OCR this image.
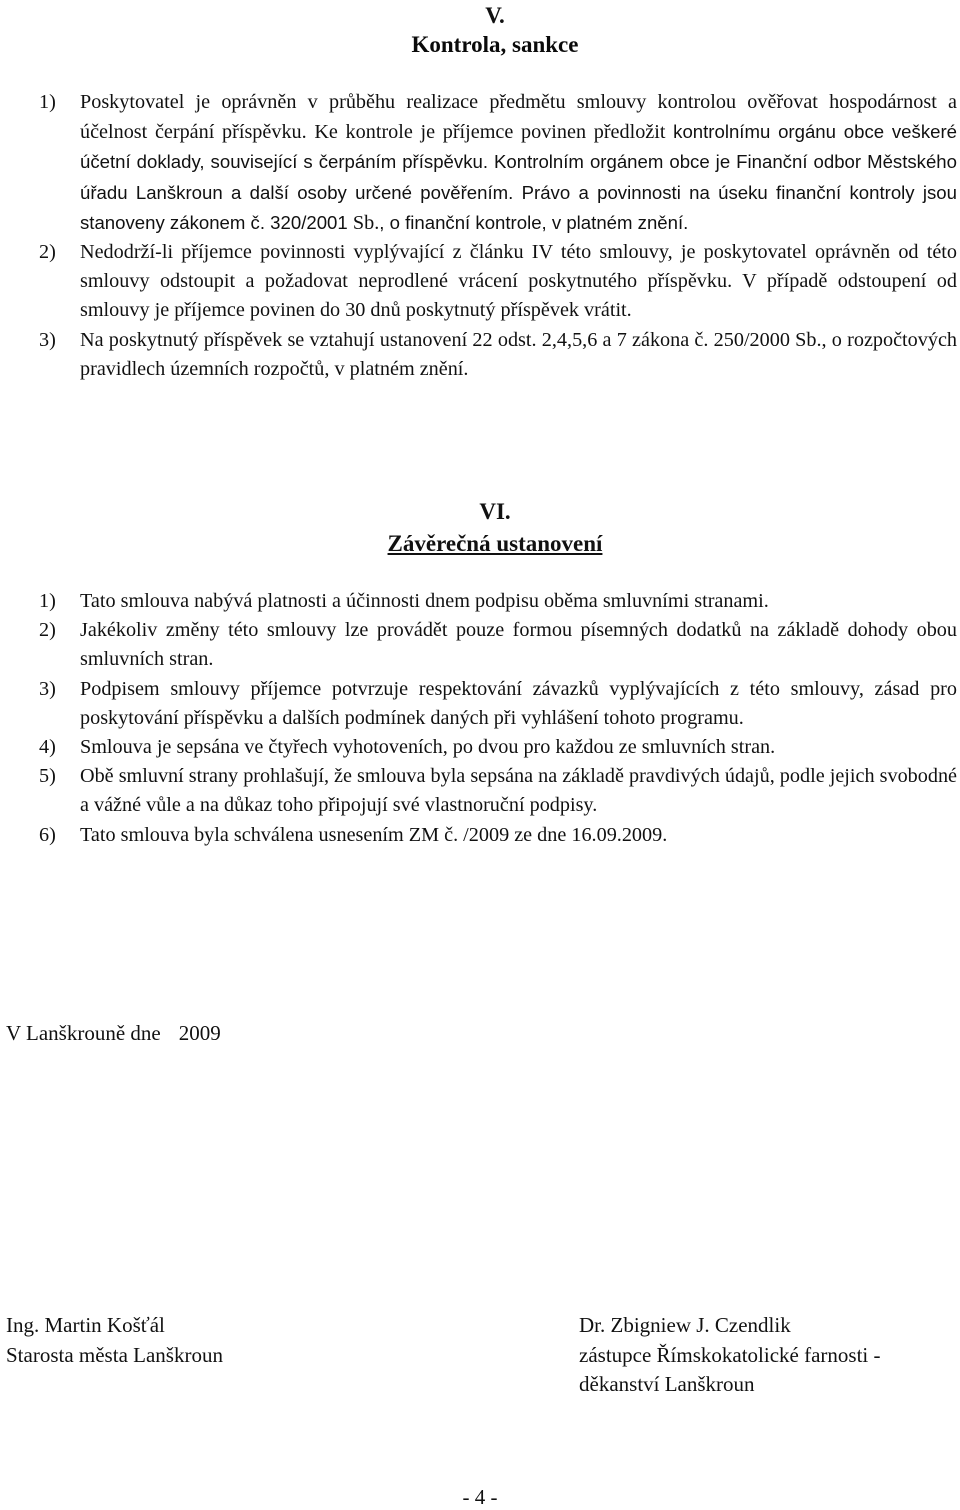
V.
Kontrola, sankce
1) Poskytovatel je oprávněn v průběhu realizace předmětu smlouvy kontrolou ověřovat hospodárnost a účelnost čerpání příspěvku. Ke kontrole je příjemce povinen předložit kontrolnímu orgánu obce veškeré účetní doklady, související s čerpáním příspěvku. Kontrolním orgánem obce je Finanční odbor Městského úřadu Lanškroun a další osoby určené pověřením. Právo a povinnosti na úseku finanční kontroly jsou stanoveny zákonem č. 320/2001 Sb., o finanční kontrole, v platném znění.
2) Nedodrží-li příjemce povinnosti vyplývající z článku IV této smlouvy, je poskytovatel oprávněn od této smlouvy odstoupit a požadovat neprodlené vrácení poskytnutého příspěvku. V případě odstoupení od smlouvy je příjemce povinen do 30 dnů poskytnutý příspěvek vrátit.
3) Na poskytnutý příspěvek se vztahují ustanovení 22 odst. 2,4,5,6 a 7 zákona č. 250/2000 Sb., o rozpočtových pravidlech územních rozpočtů, v platném znění.
VI.
Závěrečná ustanovení
1) Tato smlouva nabývá platnosti a účinnosti dnem podpisu oběma smluvními stranami.
2) Jakékoliv změny této smlouvy lze provádět pouze formou písemných dodatků na základě dohody obou smluvních stran.
3) Podpisem smlouvy příjemce potvrzuje respektování závazků vyplývajících z této smlouvy, zásad pro poskytování příspěvku a dalších podmínek daných při vyhlášení tohoto programu.
4) Smlouva je sepsána ve čtyřech vyhotoveních, po dvou pro každou ze smluvních stran.
5) Obě smluvní strany prohlašují, že smlouva byla sepsána na základě pravdivých údajů, podle jejich svobodné a vážné vůle a na důkaz toho připojují své vlastnoruční podpisy.
6) Tato smlouva byla schválena usnesením ZM č. /2009 ze dne 16.09.2009.

V Lanškrouně dne 2009

Ing. Martin Košťál
Starosta města Lanškroun
Dr. Zbigniew J. Czendlik
zástupce Římskokatolické farnosti -
děkanství Lanškroun

- 4 -
